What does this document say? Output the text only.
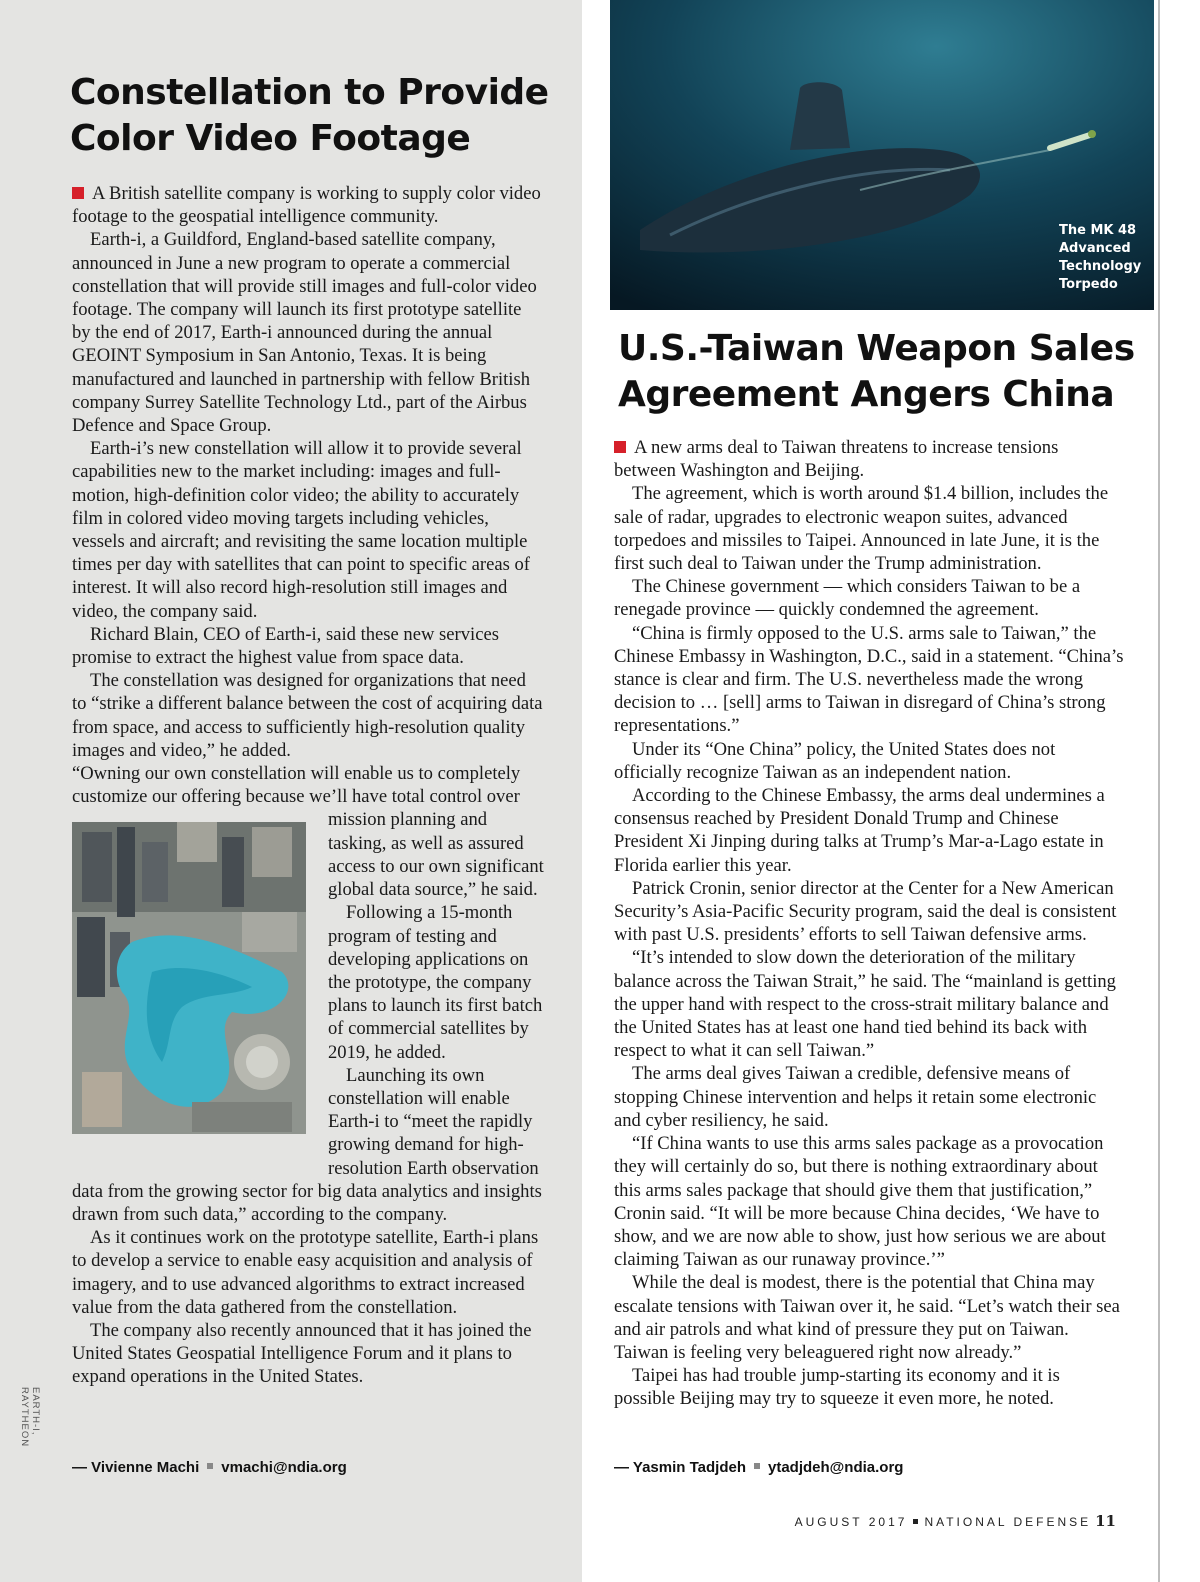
Constellation to Provide Color Video Footage

A British satellite company is working to supply color video footage to the geospatial intelligence community.

Earth-i, a Guildford, England-based satellite company, announced in June a new program to operate a commercial constellation that will provide still images and full-color video footage. The company will launch its first prototype satellite by the end of 2017, Earth-i announced during the annual GEOINT Symposium in San Antonio, Texas. It is being manufactured and launched in partnership with fellow British company Surrey Satellite Technology Ltd., part of the Airbus Defence and Space Group.

Earth-i’s new constellation will allow it to provide several capabilities new to the market including: images and full-motion, high-definition color video; the ability to accurately film in colored video moving targets including vehicles, vessels and aircraft; and revisiting the same location multiple times per day with satellites that can point to specific areas of interest. It will also record high-resolution still images and video, the company said.

Richard Blain, CEO of Earth-i, said these new services promise to extract the highest value from space data.

The constellation was designed for organizations that need to “strike a different balance between the cost of acquiring data from space, and access to sufficiently high-resolution quality images and video,” he added.

“Owning our own constellation will enable us to completely customize our offering because we’ll have total control over mission planning and tasking, as well as assured access to our own significant global data source,” he said.

Following a 15-month program of testing and developing applications on the prototype, the company plans to launch its first batch of commercial satellites by 2019, he added.

Launching its own constellation will enable Earth-i to “meet the rapidly growing demand for high-resolution Earth observation data from the growing sector for big data analytics and insights drawn from such data,” according to the company.

As it continues work on the prototype satellite, Earth-i plans to develop a service to enable easy acquisition and analysis of imagery, and to use advanced algorithms to extract increased value from the data gathered from the constellation.

The company also recently announced that it has joined the United States Geospatial Intelligence Forum and it plans to expand operations in the United States.

— Vivienne Machi vmachi@ndia.org
EARTH-I, RAYTHEON
The MK 48 Advanced Technology Torpedo
U.S.-Taiwan Weapon Sales Agreement Angers China

A new arms deal to Taiwan threatens to increase tensions between Washington and Beijing.

The agreement, which is worth around $1.4 billion, includes the sale of radar, upgrades to electronic weapon suites, advanced torpedoes and missiles to Taipei. Announced in late June, it is the first such deal to Taiwan under the Trump administration.

The Chinese government — which considers Taiwan to be a renegade province — quickly condemned the agreement.

“China is firmly opposed to the U.S. arms sale to Taiwan,” the Chinese Embassy in Washington, D.C., said in a statement. “China’s stance is clear and firm. The U.S. nevertheless made the wrong decision to … [sell] arms to Taiwan in disregard of China’s strong representations.”

Under its “One China” policy, the United States does not officially recognize Taiwan as an independent nation.

According to the Chinese Embassy, the arms deal undermines a consensus reached by President Donald Trump and Chinese President Xi Jinping during talks at Trump’s Mar-a-Lago estate in Florida earlier this year.

Patrick Cronin, senior director at the Center for a New American Security’s Asia-Pacific Security program, said the deal is consistent with past U.S. presidents’ efforts to sell Taiwan defensive arms.

“It’s intended to slow down the deterioration of the military balance across the Taiwan Strait,” he said. The “mainland is getting the upper hand with respect to the cross-strait military balance and the United States has at least one hand tied behind its back with respect to what it can sell Taiwan.”

The arms deal gives Taiwan a credible, defensive means of stopping Chinese intervention and helps it retain some electronic and cyber resiliency, he said.

“If China wants to use this arms sales package as a provocation they will certainly do so, but there is nothing extraordinary about this arms sales package that should give them that justification,” Cronin said. “It will be more because China decides, ‘We have to show, and we are now able to show, just how serious we are about claiming Taiwan as our runaway province.’”

While the deal is modest, there is the potential that China may escalate tensions with Taiwan over it, he said. “Let’s watch their sea and air patrols and what kind of pressure they put on Taiwan. Taiwan is feeling very beleaguered right now already.”

Taipei has had trouble jump-starting its economy and it is possible Beijing may try to squeeze it even more, he noted.

— Yasmin Tadjdeh ytadjdeh@ndia.org
AUGUST 2017 NATIONAL DEFENSE 11
